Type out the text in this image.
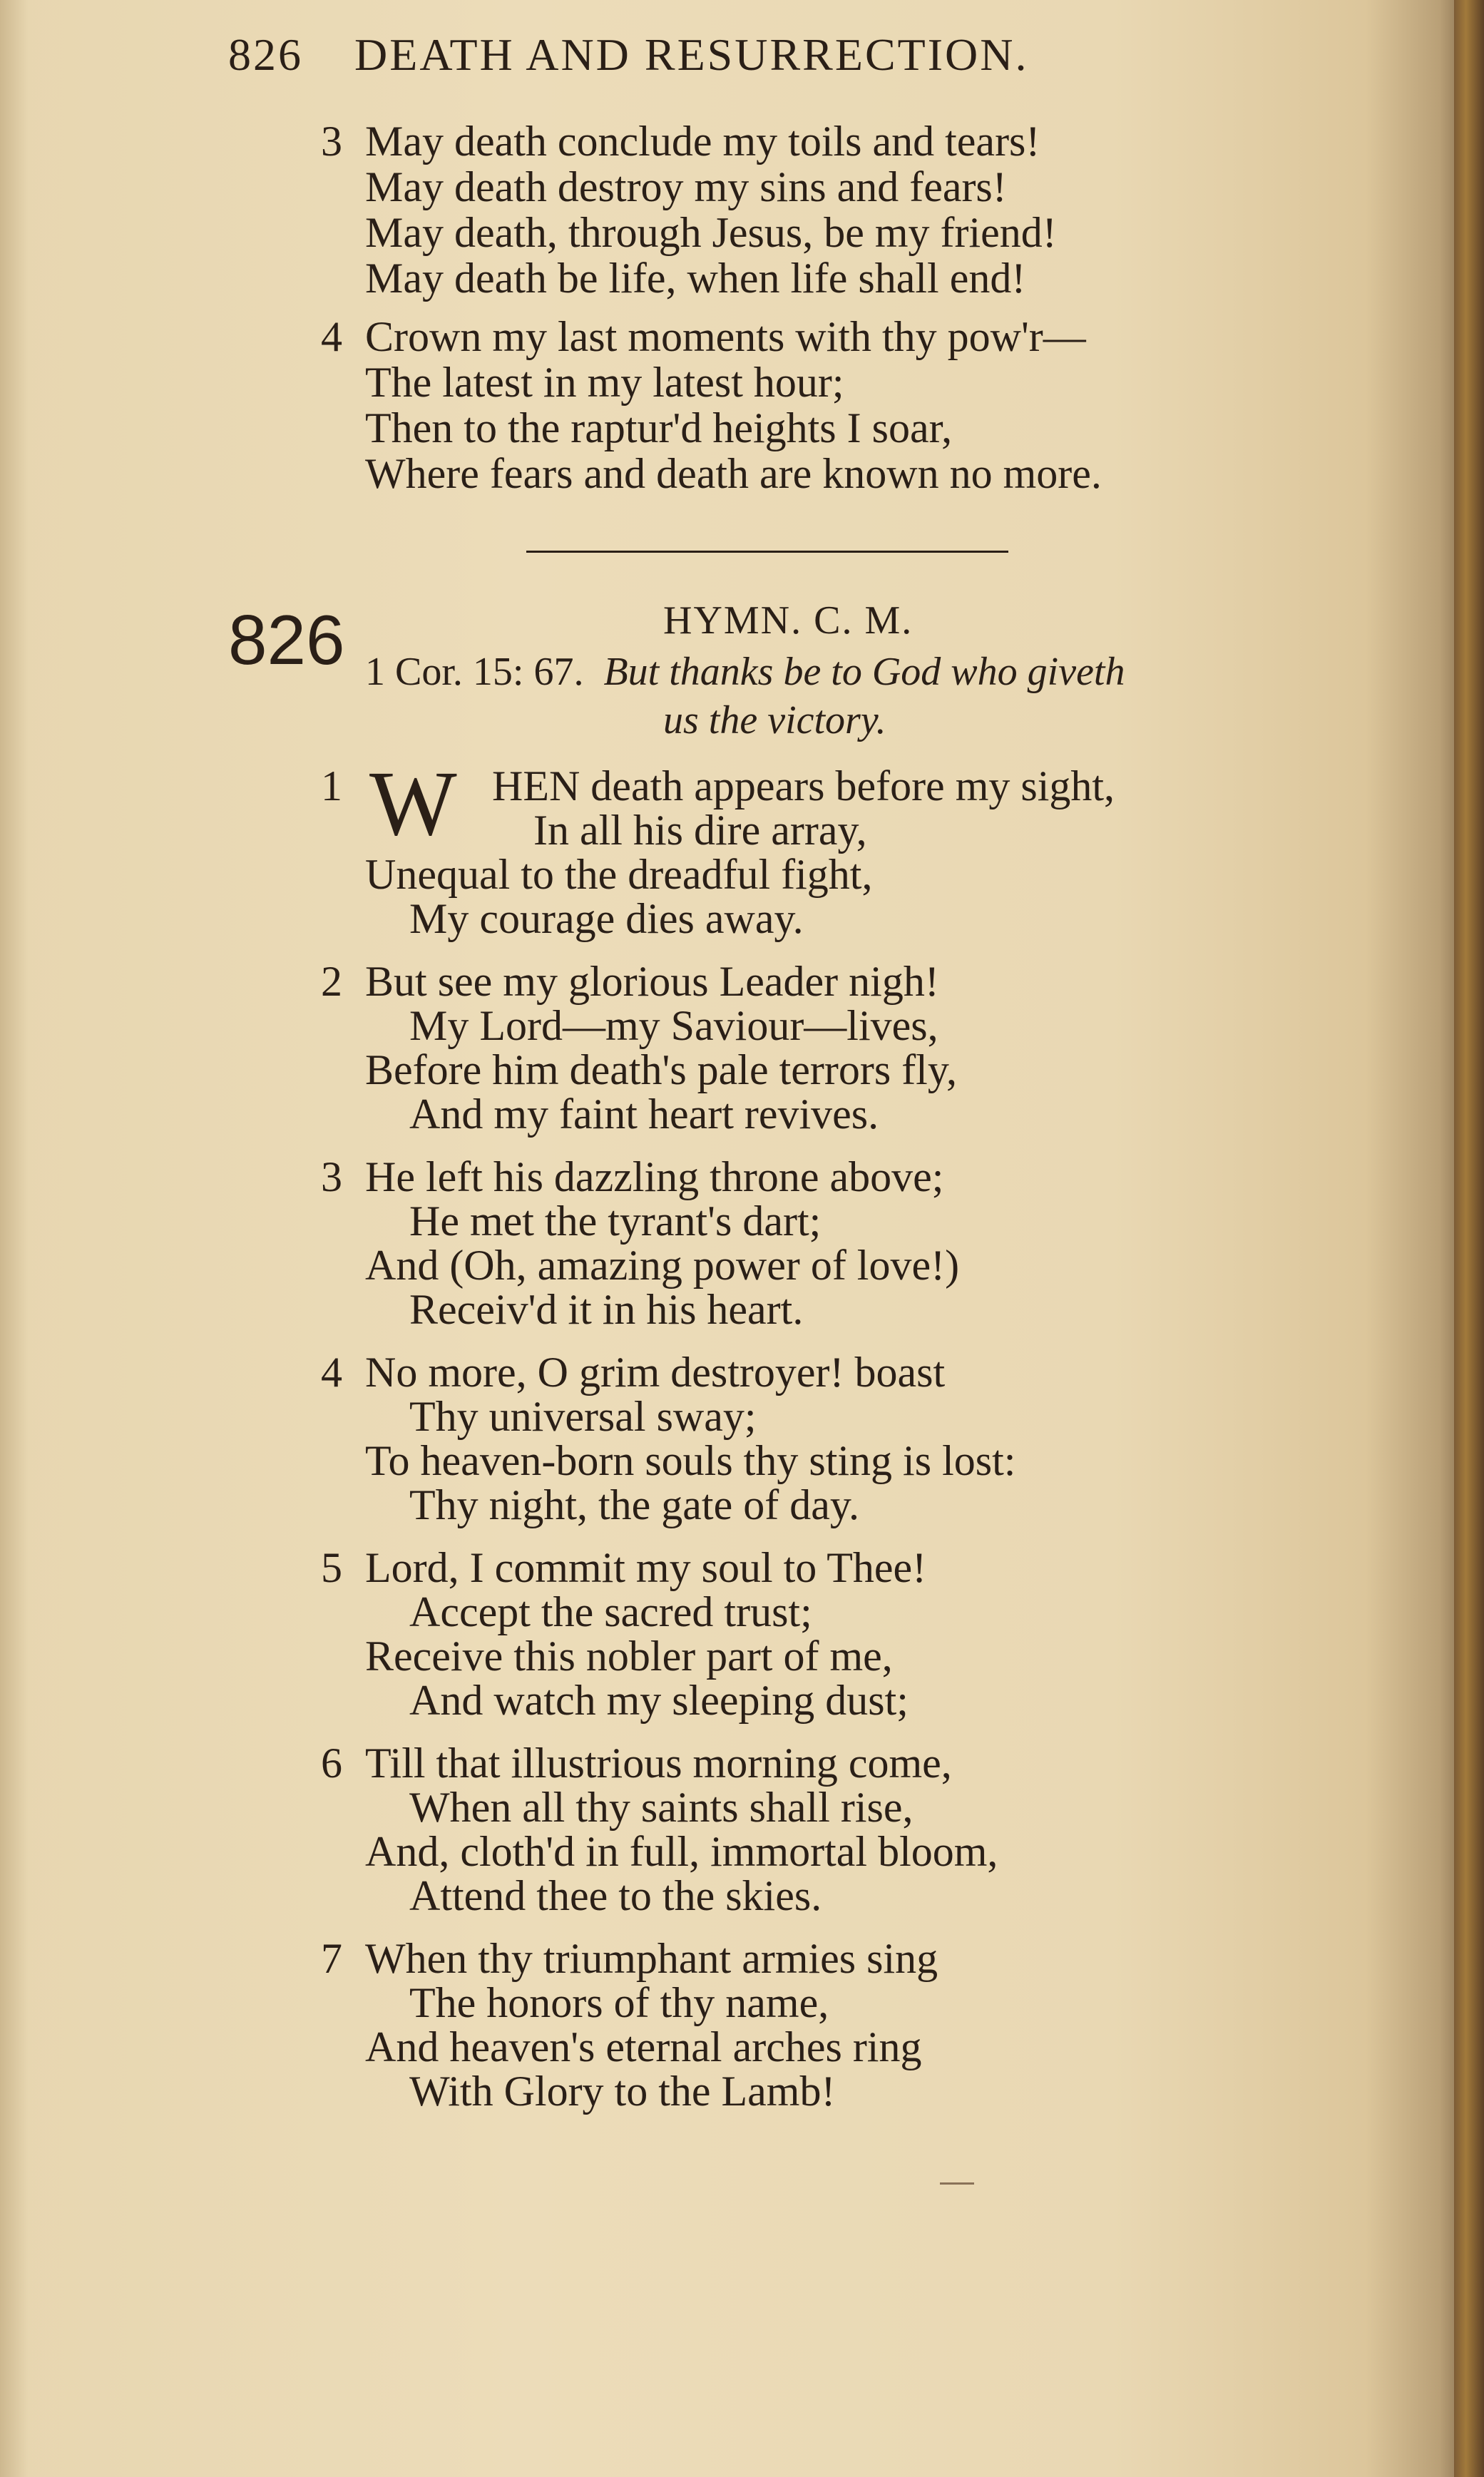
826 DEATH AND RESURRECTION.
3 May death conclude my toils and tears!
May death destroy my sins and fears!
May death, through Jesus, be my friend!
May death be life, when life shall end!
4 Crown my last moments with thy pow'r—
The latest in my latest hour;
Then to the raptur'd heights I soar,
Where fears and death are known no more.
826	HYMN. C. M.
1 Cor. 15: 67. But thanks be to God who giveth
us the victory.
1 W HEN death appears before my sight,
In all his dire array,
Unequal to the dreadful fight,
My courage dies away.
2 But see my glorious Leader nigh!
My Lord—my Saviour—lives,
Before him death's pale terrors fly,
And my faint heart revives.
3 He left his dazzling throne above;
He met the tyrant's dart;
And (Oh, amazing power of love!)
Receiv'd it in his heart.
4 No more, O grim destroyer! boast
Thy universal sway;
To heaven-born souls thy sting is lost:
Thy night, the gate of day.
5 Lord, I commit my soul to Thee!
Accept the sacred trust;
Receive this nobler part of me,
And watch my sleeping dust;
6 Till that illustrious morning come,
When all thy saints shall rise,
And, cloth'd in full, immortal bloom,
Attend thee to the skies.
7 When thy triumphant armies sing
The honors of thy name,
And heaven's eternal arches ring
With Glory to the Lamb!
